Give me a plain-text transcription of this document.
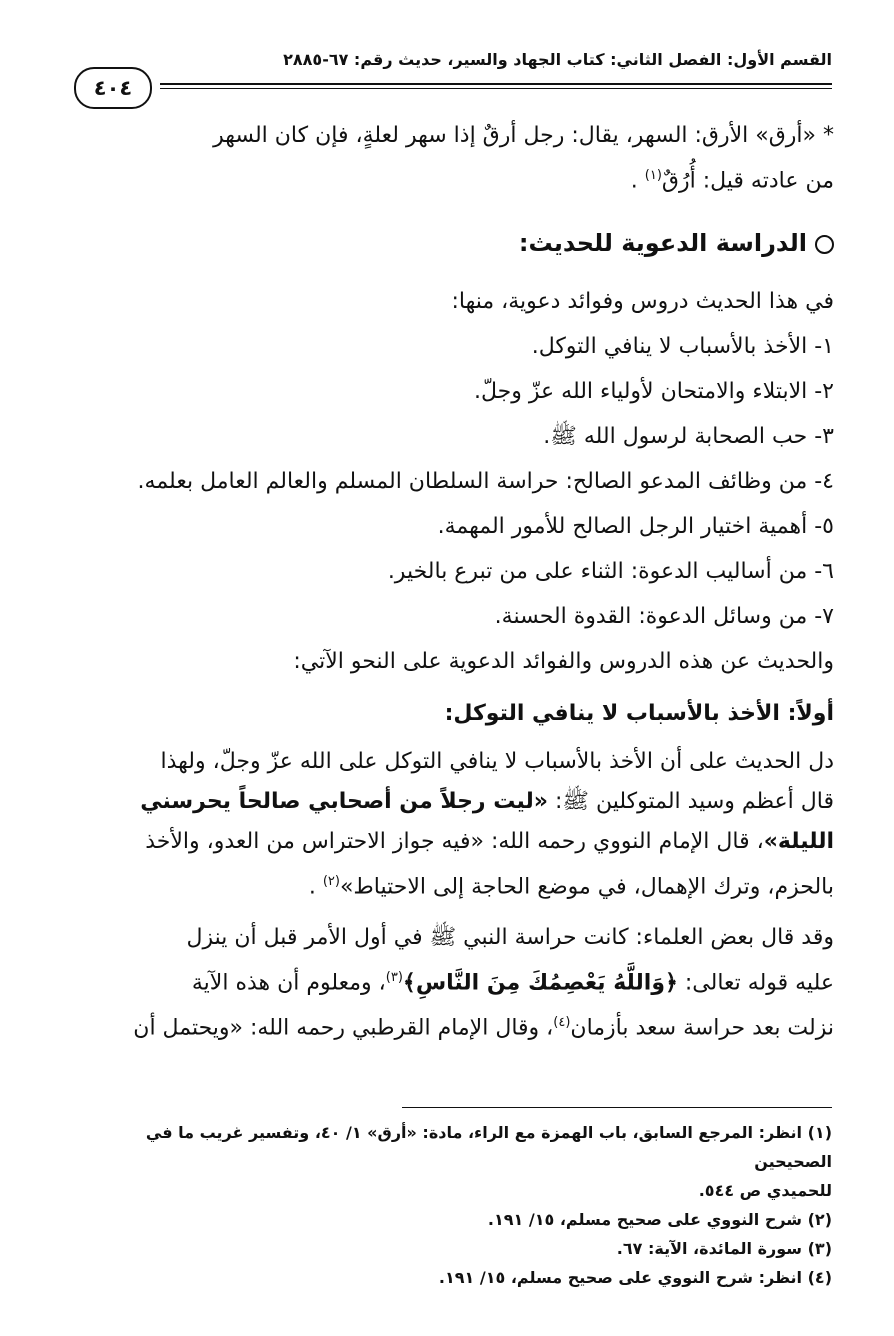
القسم الأول: الفصل الثاني: كتاب الجهاد والسير، حديث رقم: ٦٧-٢٨٨٥
٤٠٤

* «أرق» الأرق: السهر، يقال: رجل أرقٌ إذا سهر لعلةٍ، فإن كان السهر

من عادته قيل: أُرُقٌ$^{(١)}$ .

الدراسة الدعوية للحديث:

في هذا الحديث دروس وفوائد دعوية، منها:

١- الأخذ بالأسباب لا ينافي التوكل.

٢- الابتلاء والامتحان لأولياء الله عزّ وجلّ.

٣- حب الصحابة لرسول الله ﷺ.

٤- من وظائف المدعو الصالح: حراسة السلطان المسلم والعالم العامل بعلمه.

٥- أهمية اختيار الرجل الصالح للأمور المهمة.

٦- من أساليب الدعوة: الثناء على من تبرع بالخير.

٧- من وسائل الدعوة: القدوة الحسنة.

والحديث عن هذه الدروس والفوائد الدعوية على النحو الآتي:

أولاً: الأخذ بالأسباب لا ينافي التوكل:

دل الحديث على أن الأخذ بالأسباب لا ينافي التوكل على الله عزّ وجلّ، ولهذا

قال أعظم وسيد المتوكلين ﷺ: «ليت رجلاً من أصحابي صالحاً يحرسني

الليلة»، قال الإمام النووي رحمه الله: «فيه جواز الاحتراس من العدو، والأخذ

بالحزم، وترك الإهمال، في موضع الحاجة إلى الاحتياط»$^{(٢)}$ .

وقد قال بعض العلماء: كانت حراسة النبي ﷺ في أول الأمر قبل أن ينزل

عليه قوله تعالى: ﴿وَاللَّهُ يَعْصِمُكَ مِنَ النَّاسِ﴾$^{(٣)}$، ومعلوم أن هذه الآية

نزلت بعد حراسة سعد بأزمان$^{(٤)}$، وقال الإمام القرطبي رحمه الله: «ويحتمل أن

(١) انظر: المرجع السابق، باب الهمزة مع الراء، مادة: «أرق» ١/ ٤٠، وتفسير غريب ما في الصحيحين

للحميدي ص ٥٤٤.

(٢) شرح النووي على صحيح مسلم، ١٥/ ١٩١.

(٣) سورة المائدة، الآية: ٦٧.

(٤) انظر: شرح النووي على صحيح مسلم، ١٥/ ١٩١.
